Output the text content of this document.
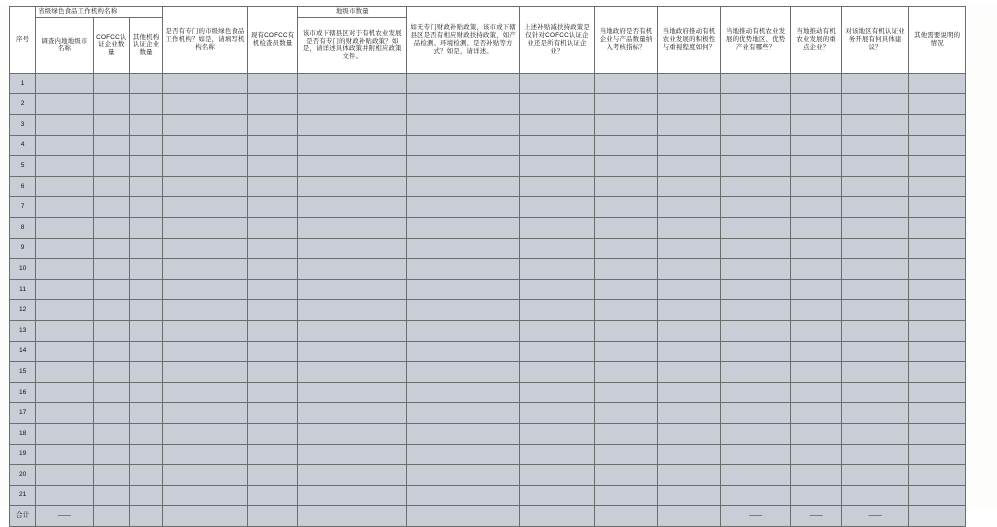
序号	省级绿色食品工作机构名称			是否有专门的市级绿色食品工作机构？如是，请填写机构名称	现有COFCC有机检查员数量	地级市数量	如无专门财政补贴政策，该市或下辖县区是否有相应财政扶持政策，如产品检测、环境检测、是否补贴等方式？如是，请详述。	上述补贴减扶持政策是仅针对COFCC认证企业还是所有机认证企业？	当地政府是否有机企业与产品数量纳入考核指标？	当地政府推动有机农业发展的积极性与重视程度如何？	当地推动有机农业发展的优势地区、优势产业有哪些？	当地推动有机农业发展的重点企业？	对该地区有机认证业务开展有何具体建议？	其他需要说明的情况
	调查内地地级市名称	COFCC认证企业数量	其他机构认证企业数量			该市或下辖县区对于有机农业发展是否有专门的财政补贴政策？如是，请详述具体政策并附相应政策文件。								
1														
2														
3														
4														
5														
6														
7														
8														
9														
10														
11														
12														
13														
14														
15														
16														
17														
18														
19														
20														
21														
合计	——										——	——	——	
